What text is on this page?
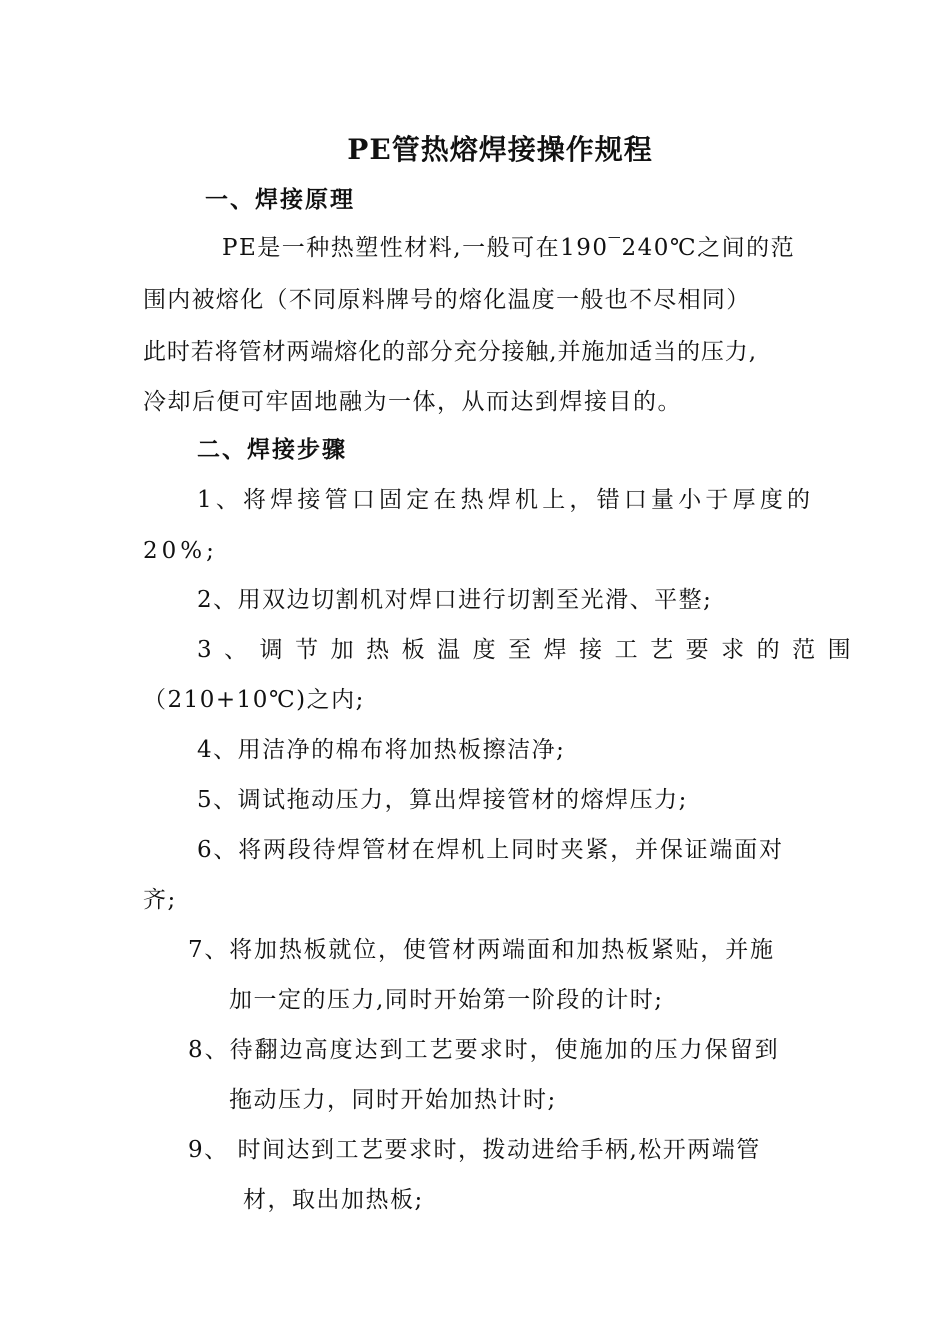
PE管热熔焊接操作规程
一、焊接原理
PE是一种热塑性材料,一般可在190‾240℃之间的范
围内被熔化（不同原料牌号的熔化温度一般也不尽相同）
此时若将管材两端熔化的部分充分接触,并施加适当的压力,
冷却后便可牢固地融为一体，从而达到焊接目的。
二、焊接步骤
1、将焊接管口固定在热焊机上，错口量小于厚度的
20%;
2、用双边切割机对焊口进行切割至光滑、平整;
3、调节加热板温度至焊接工艺要求的范围
（210+10℃)之内;
4、用洁净的棉布将加热板擦洁净;
5、调试拖动压力，算出焊接管材的熔焊压力;
6、将两段待焊管材在焊机上同时夹紧，并保证端面对
齐;
7、将加热板就位，使管材两端面和加热板紧贴，并施
加一定的压力,同时开始第一阶段的计时;
8、待翻边高度达到工艺要求时，使施加的压力保留到
拖动压力，同时开始加热计时;
9、 时间达到工艺要求时，拨动进给手柄,松开两端管
材，取出加热板;
